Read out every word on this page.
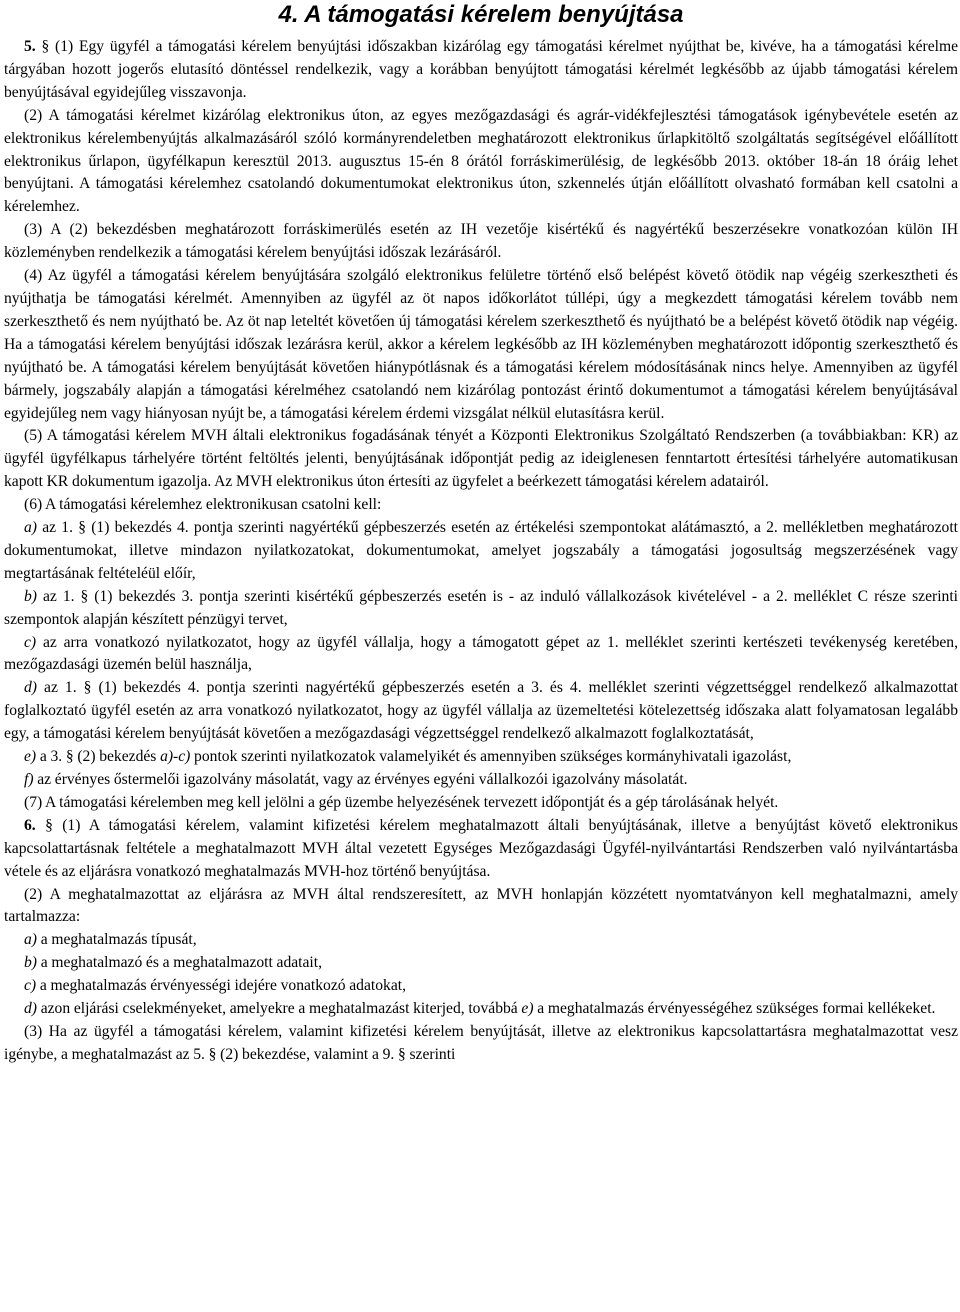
4. A támogatási kérelem benyújtása

5. § (1) Egy ügyfél a támogatási kérelem benyújtási időszakban kizárólag egy támogatási kérelmet nyújthat be, kivéve, ha a támogatási kérelme tárgyában hozott jogerős elutasító döntéssel rendelkezik, vagy a korábban benyújtott támogatási kérelmét legkésőbb az újabb támogatási kérelem benyújtásával egyidejűleg visszavonja.

(2) A támogatási kérelmet kizárólag elektronikus úton, az egyes mezőgazdasági és agrár-vidékfejlesztési támogatások igénybevétele esetén az elektronikus kérelembenyújtás alkalmazásáról szóló kormányrendeletben meghatározott elektronikus űrlapkitöltő szolgáltatás segítségével előállított elektronikus űrlapon, ügyfélkapun keresztül 2013. augusztus 15-én 8 órától forráskimerülésig, de legkésőbb 2013. október 18-án 18 óráig lehet benyújtani. A támogatási kérelemhez csatolandó dokumentumokat elektronikus úton, szkennelés útján előállított olvasható formában kell csatolni a kérelemhez.

(3) A (2) bekezdésben meghatározott forráskimerülés esetén az IH vezetője kisértékű és nagyértékű beszerzésekre vonatkozóan külön IH közleményben rendelkezik a támogatási kérelem benyújtási időszak lezárásáról.

(4) Az ügyfél a támogatási kérelem benyújtására szolgáló elektronikus felületre történő első belépést követő ötödik nap végéig szerkesztheti és nyújthatja be támogatási kérelmét. Amennyiben az ügyfél az öt napos időkorlátot túllépi, úgy a megkezdett támogatási kérelem tovább nem szerkeszthető és nem nyújtható be. Az öt nap leteltét követően új támogatási kérelem szerkeszthető és nyújtható be a belépést követő ötödik nap végéig. Ha a támogatási kérelem benyújtási időszak lezárásra kerül, akkor a kérelem legkésőbb az IH közleményben meghatározott időpontig szerkeszthető és nyújtható be. A támogatási kérelem benyújtását követően hiánypótlásnak és a támogatási kérelem módosításának nincs helye. Amennyiben az ügyfél bármely, jogszabály alapján a támogatási kérelméhez csatolandó nem kizárólag pontozást érintő dokumentumot a támogatási kérelem benyújtásával egyidejűleg nem vagy hiányosan nyújt be, a támogatási kérelem érdemi vizsgálat nélkül elutasításra kerül.

(5) A támogatási kérelem MVH általi elektronikus fogadásának tényét a Központi Elektronikus Szolgáltató Rendszerben (a továbbiakban: KR) az ügyfél ügyfélkapus tárhelyére történt feltöltés jelenti, benyújtásának időpontját pedig az ideiglenesen fenntartott értesítési tárhelyére automatikusan kapott KR dokumentum igazolja. Az MVH elektronikus úton értesíti az ügyfelet a beérkezett támogatási kérelem adatairól.

(6) A támogatási kérelemhez elektronikusan csatolni kell:

a) az 1. § (1) bekezdés 4. pontja szerinti nagyértékű gépbeszerzés esetén az értékelési szempontokat alátámasztó, a 2. mellékletben meghatározott dokumentumokat, illetve mindazon nyilatkozatokat, dokumentumokat, amelyet jogszabály a támogatási jogosultság megszerzésének vagy megtartásának feltételéül előír,

b) az 1. § (1) bekezdés 3. pontja szerinti kisértékű gépbeszerzés esetén is - az induló vállalkozások kivételével - a 2. melléklet C része szerinti szempontok alapján készített pénzügyi tervet,

c) az arra vonatkozó nyilatkozatot, hogy az ügyfél vállalja, hogy a támogatott gépet az 1. melléklet szerinti kertészeti tevékenység keretében, mezőgazdasági üzemén belül használja,

d) az 1. § (1) bekezdés 4. pontja szerinti nagyértékű gépbeszerzés esetén a 3. és 4. melléklet szerinti végzettséggel rendelkező alkalmazottat foglalkoztató ügyfél esetén az arra vonatkozó nyilatkozatot, hogy az ügyfél vállalja az üzemeltetési kötelezettség időszaka alatt folyamatosan legalább egy, a támogatási kérelem benyújtását követően a mezőgazdasági végzettséggel rendelkező alkalmazott foglalkoztatását,

e) a 3. § (2) bekezdés a)-c) pontok szerinti nyilatkozatok valamelyikét és amennyiben szükséges kormányhivatali igazolást,

f) az érvényes őstermelői igazolvány másolatát, vagy az érvényes egyéni vállalkozói igazolvány másolatát.

(7) A támogatási kérelemben meg kell jelölni a gép üzembe helyezésének tervezett időpontját és a gép tárolásának helyét.

6. § (1) A támogatási kérelem, valamint kifizetési kérelem meghatalmazott általi benyújtásának, illetve a benyújtást követő elektronikus kapcsolattartásnak feltétele a meghatalmazott MVH által vezetett Egységes Mezőgazdasági Ügyfél-nyilvántartási Rendszerben való nyilvántartásba vétele és az eljárásra vonatkozó meghatalmazás MVH-hoz történő benyújtása.

(2) A meghatalmazottat az eljárásra az MVH által rendszeresített, az MVH honlapján közzétett nyomtatványon kell meghatalmazni, amely tartalmazza:

a) a meghatalmazás típusát,

b) a meghatalmazó és a meghatalmazott adatait,

c) a meghatalmazás érvényességi idejére vonatkozó adatokat,

d) azon eljárási cselekményeket, amelyekre a meghatalmazást kiterjed, továbbá e) a meghatalmazás érvényességéhez szükséges formai kellékeket.

(3) Ha az ügyfél a támogatási kérelem, valamint kifizetési kérelem benyújtását, illetve az elektronikus kapcsolattartásra meghatalmazottat vesz igénybe, a meghatalmazást az 5. § (2) bekezdése, valamint a 9. § szerinti
